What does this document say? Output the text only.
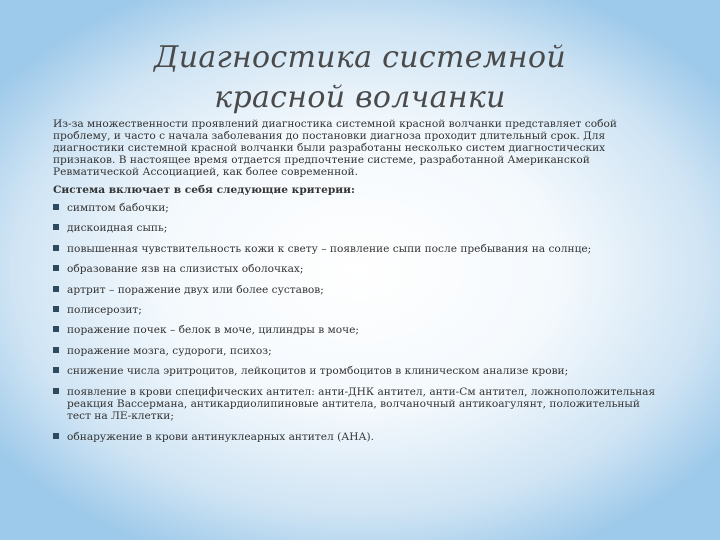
Диагностика системной
красной волчанки

Из-за множественности проявлений диагностика системной красной волчанки представляет собой проблему, и часто с начала заболевания до постановки диагноза проходит длительный срок. Для диагностики системной красной волчанки были разработаны несколько систем диагностических признаков. В настоящее время отдается предпочтение системе, разработанной Американской Ревматической Ассоциацией, как более современной.

Система включает в себя следующие критерии:

симптом бабочки;
дискоидная сыпь;
повышенная чувствительность кожи к свету – появление сыпи после пребывания на солнце;
образование язв на слизистых оболочках;
артрит – поражение двух или более суставов;
полисерозит;
поражение почек – белок в моче, цилиндры в моче;
поражение мозга, судороги, психоз;
снижение числа эритроцитов, лейкоцитов и тромбоцитов в клиническом анализе крови;
появление в крови специфических антител: анти-ДНК антител, анти-См антител, ложноположительная реакция Вассермана, антикардиолипиновые антитела, волчаночный антикоагулянт, положительный тест на ЛЕ-клетки;
обнаружение в крови антинуклеарных антител (АНА).
